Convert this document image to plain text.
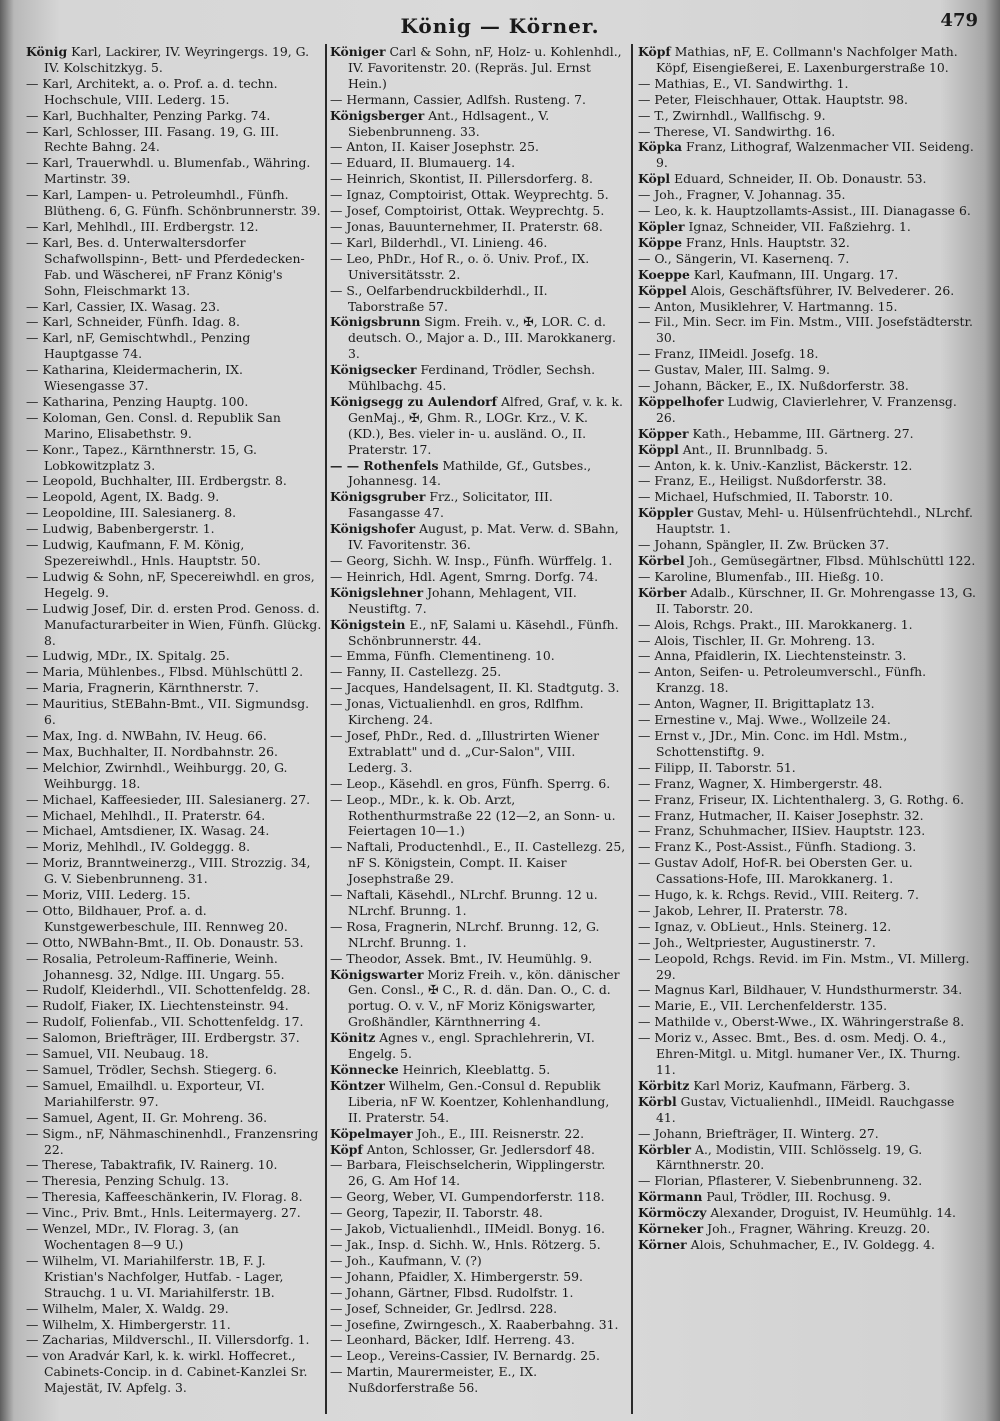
König — Körner.	479

König Karl, Lackirer, IV. Weyringergs. 19, G. IV. Kolschitzkyg. 5.

— Karl, Architekt, a. o. Prof. a. d. techn. Hochschule, VIII. Lederg. 15.

— Karl, Buchhalter, Penzing Parkg. 74.

— Karl, Schlosser, III. Fasang. 19, G. III. Rechte Bahng. 24.

— Karl, Trauerwhdl. u. Blumenfab., Währing. Martinstr. 39.

— Karl, Lampen- u. Petroleumhdl., Fünfh. Blütheng. 6, G. Fünfh. Schönbrunnerstr. 39.

— Karl, Mehlhdl., III. Erdbergstr. 12.

— Karl, Bes. d. Unterwaltersdorfer Schafwollspinn-, Bett- und Pferdedecken-Fab. und Wäscherei, nF Franz König's Sohn, Fleischmarkt 13.

— Karl, Cassier, IX. Wasag. 23.

— Karl, Schneider, Fünfh. Idag. 8.

— Karl, nF, Gemischtwhdl., Penzing Hauptgasse 74.

— Katharina, Kleidermacherin, IX. Wiesengasse 37.

— Katharina, Penzing Hauptg. 100.

— Koloman, Gen. Consl. d. Republik San Marino, Elisabethstr. 9.

— Konr., Tapez., Kärnthnerstr. 15, G. Lobkowitzplatz 3.

— Leopold, Buchhalter, III. Erdbergstr. 8.

— Leopold, Agent, IX. Badg. 9.

— Leopoldine, III. Salesianerg. 8.

— Ludwig, Babenbergerstr. 1.

— Ludwig, Kaufmann, F. M. König, Spezereiwhdl., Hnls. Hauptstr. 50.

— Ludwig & Sohn, nF, Specereiwhdl. en gros, Hegelg. 9.

— Ludwig Josef, Dir. d. ersten Prod. Genoss. d. Manufacturarbeiter in Wien, Fünfh. Glückg. 8.

— Ludwig, MDr., IX. Spitalg. 25.

— Maria, Mühlenbes., Flbsd. Mühlschüttl 2.

— Maria, Fragnerin, Kärnthnerstr. 7.

— Mauritius, StEBahn-Bmt., VII. Sigmundsg. 6.

— Max, Ing. d. NWBahn, IV. Heug. 66.

— Max, Buchhalter, II. Nordbahnstr. 26.

— Melchior, Zwirnhdl., Weihburgg. 20, G. Weihburgg. 18.

— Michael, Kaffeesieder, III. Salesianerg. 27.

— Michael, Mehlhdl., II. Praterstr. 64.

— Michael, Amtsdiener, IX. Wasag. 24.

— Moriz, Mehlhdl., IV. Goldeggg. 8.

— Moriz, Branntweinerzg., VIII. Strozzig. 34, G. V. Siebenbrunneng. 31.

— Moriz, VIII. Lederg. 15.

— Otto, Bildhauer, Prof. a. d. Kunstgewerbeschule, III. Rennweg 20.

— Otto, NWBahn-Bmt., II. Ob. Donaustr. 53.

— Rosalia, Petroleum-Raffinerie, Weinh. Johannesg. 32, Ndlge. III. Ungarg. 55.

— Rudolf, Kleiderhdl., VII. Schottenfeldg. 28.

— Rudolf, Fiaker, IX. Liechtensteinstr. 94.

— Rudolf, Folienfab., VII. Schottenfeldg. 17.

— Salomon, Briefträger, III. Erdbergstr. 37.

— Samuel, VII. Neubaug. 18.

— Samuel, Trödler, Sechsh. Stiegerg. 6.

— Samuel, Emailhdl. u. Exporteur, VI. Mariahilferstr. 97.

— Samuel, Agent, II. Gr. Mohreng. 36.

— Sigm., nF, Nähmaschinenhdl., Franzensring 22.

— Therese, Tabaktrafik, IV. Rainerg. 10.

— Theresia, Penzing Schulg. 13.

— Theresia, Kaffeeschänkerin, IV. Florag. 8.

— Vinc., Priv. Bmt., Hnls. Leitermayerg. 27.

— Wenzel, MDr., IV. Florag. 3, (an Wochentagen 8—9 U.)

— Wilhelm, VI. Mariahilferstr. 1B, F. J. Kristian's Nachfolger, Hutfab. - Lager, Strauchg. 1 u. VI. Mariahilferstr. 1B.

— Wilhelm, Maler, X. Waldg. 29.

— Wilhelm, X. Himbergerstr. 11.

— Zacharias, Mildverschl., II. Villersdorfg. 1.

— von Aradvár Karl, k. k. wirkl. Hoffecret., Cabinets-Concip. in d. Cabinet-Kanzlei Sr. Majestät, IV. Apfelg. 3.

Königer Carl & Sohn, nF, Holz- u. Kohlenhdl., IV. Favoritenstr. 20. (Repräs. Jul. Ernst Hein.)

— Hermann, Cassier, Adlfsh. Rusteng. 7.

Königsberger Ant., Hdlsagent., V. Siebenbrunneng. 33.

— Anton, II. Kaiser Josephstr. 25.

— Eduard, II. Blumauerg. 14.

— Heinrich, Skontist, II. Pillersdorferg. 8.

— Ignaz, Comptoirist, Ottak. Weyprechtg. 5.

— Josef, Comptoirist, Ottak. Weyprechtg. 5.

— Jonas, Bauunternehmer, II. Praterstr. 68.

— Karl, Bilderhdl., VI. Linieng. 46.

— Leo, PhDr., Hof R., o. ö. Univ. Prof., IX. Universitätsstr. 2.

— S., Oelfarbendruckbilderhdl., II. Taborstraße 57.

Königsbrunn Sigm. Freih. v., ✠, LOR. C. d. deutsch. O., Major a. D., III. Marokkanerg. 3.

Königsecker Ferdinand, Trödler, Sechsh. Mühlbachg. 45.

Königsegg zu Aulendorf Alfred, Graf, v. k. k. GenMaj., ✠, Ghm. R., LOGr. Krz., V. K. (KD.), Bes. vieler in- u. ausländ. O., II. Praterstr. 17.

— — Rothenfels Mathilde, Gf., Gutsbes., Johannesg. 14.

Königsgruber Frz., Solicitator, III. Fasangasse 47.

Königshofer August, p. Mat. Verw. d. SBahn, IV. Favoritenstr. 36.

— Georg, Sichh. W. Insp., Fünfh. Würffelg. 1.

— Heinrich, Hdl. Agent, Smrng. Dorfg. 74.

Königslehner Johann, Mehlagent, VII. Neustiftg. 7.

Königstein E., nF, Salami u. Käsehdl., Fünfh. Schönbrunnerstr. 44.

— Emma, Fünfh. Clementineng. 10.

— Fanny, II. Castellezg. 25.

— Jacques, Handelsagent, II. Kl. Stadtgutg. 3.

— Jonas, Victualienhdl. en gros, Rdlfhm. Kircheng. 24.

— Josef, PhDr., Red. d. „Illustrirten Wiener Extrablatt" und d. „Cur-Salon", VIII. Lederg. 3.

— Leop., Käsehdl. en gros, Fünfh. Sperrg. 6.

— Leop., MDr., k. k. Ob. Arzt, Rothenthurmstraße 22 (12—2, an Sonn- u. Feiertagen 10—1.)

— Naftali, Productenhdl., E., II. Castellezg. 25, nF S. Königstein, Compt. II. Kaiser Josephstraße 29.

— Naftali, Käsehdl., NLrchf. Brunng. 12 u. NLrchf. Brunng. 1.

— Rosa, Fragnerin, NLrchf. Brunng. 12, G. NLrchf. Brunng. 1.

— Theodor, Assek. Bmt., IV. Heumühlg. 9.

Königswarter Moriz Freih. v., kön. dänischer Gen. Consl., ✠ C., R. d. dän. Dan. O., C. d. portug. O. v. V., nF Moriz Königswarter, Großhändler, Kärnthnerring 4.

Könitz Agnes v., engl. Sprachlehrerin, VI. Engelg. 5.

Könnecke Heinrich, Kleeblattg. 5.

Köntzer Wilhelm, Gen.-Consul d. Republik Liberia, nF W. Koentzer, Kohlenhandlung, II. Praterstr. 54.

Köpelmayer Joh., E., III. Reisnerstr. 22.

Köpf Anton, Schlosser, Gr. Jedlersdorf 48.

— Barbara, Fleischselcherin, Wipplingerstr. 26, G. Am Hof 14.

— Georg, Weber, VI. Gumpendorferstr. 118.

— Georg, Tapezir, II. Taborstr. 48.

— Jakob, Victualienhdl., IIMeidl. Bonyg. 16.

— Jak., Insp. d. Sichh. W., Hnls. Rötzerg. 5.

— Joh., Kaufmann, V. (?)

— Johann, Pfaidler, X. Himbergerstr. 59.

— Johann, Gärtner, Flbsd. Rudolfstr. 1.

— Josef, Schneider, Gr. Jedlrsd. 228.

— Josefine, Zwirngesch., X. Raaberbahng. 31.

— Leonhard, Bäcker, Idlf. Herreng. 43.

— Leop., Vereins-Cassier, IV. Bernardg. 25.

— Martin, Maurermeister, E., IX. Nußdorferstraße 56.

Köpf Mathias, nF, E. Collmann's Nachfolger Math. Köpf, Eisengießerei, E. Laxenburgerstraße 10.

— Mathias, E., VI. Sandwirthg. 1.

— Peter, Fleischhauer, Ottak. Hauptstr. 98.

— T., Zwirnhdl., Wallfischg. 9.

— Therese, VI. Sandwirthg. 16.

Köpka Franz, Lithograf, Walzenmacher VII. Seideng. 9.

Köpl Eduard, Schneider, II. Ob. Donaustr. 53.

— Joh., Fragner, V. Johannag. 35.

— Leo, k. k. Hauptzollamts-Assist., III. Dianagasse 6.

Köpler Ignaz, Schneider, VII. Faßziehrg. 1.

Köppe Franz, Hnls. Hauptstr. 32.

— O., Sängerin, VI. Kasernenq. 7.

Koeppe Karl, Kaufmann, III. Ungarg. 17.

Köppel Alois, Geschäftsführer, IV. Belvederег. 26.

— Anton, Musiklehrer, V. Hartmanng. 15.

— Fil., Min. Secr. im Fin. Mstm., VIII. Josefstädterstr. 30.

— Franz, IIMeidl. Josefg. 18.

— Gustav, Maler, III. Salmg. 9.

— Johann, Bäcker, E., IX. Nußdorferstr. 38.

Köppelhofer Ludwig, Clavierlehrer, V. Franzensg. 26.

Köpper Kath., Hebamme, III. Gärtnerg. 27.

Köppl Ant., II. Brunnlbadg. 5.

— Anton, k. k. Univ.-Kanzlist, Bäckerstr. 12.

— Franz, E., Heiligst. Nußdorferstr. 38.

— Michael, Hufschmied, II. Taborstr. 10.

Köppler Gustav, Mehl- u. Hülsenfrüchtehdl., NLrchf. Hauptstr. 1.

— Johann, Spängler, II. Zw. Brücken 37.

Körbel Joh., Gemüsegärtner, Flbsd. Mühlschüttl 122.

— Karoline, Blumenfab., III. Hießg. 10.

Körber Adalb., Kürschner, II. Gr. Mohrengasse 13, G. II. Taborstr. 20.

— Alois, Rchgs. Prakt., III. Marokkanerg. 1.

— Alois, Tischler, II. Gr. Mohreng. 13.

— Anna, Pfaidlerin, IX. Liechtensteinstr. 3.

— Anton, Seifen- u. Petroleumverschl., Fünfh. Kranzg. 18.

— Anton, Wagner, II. Brigittaplatz 13.

— Ernestine v., Maj. Wwe., Wollzeile 24.

— Ernst v., JDr., Min. Conc. im Hdl. Mstm., Schottenstiftg. 9.

— Filipp, II. Taborstr. 51.

— Franz, Wagner, X. Himbergerstr. 48.

— Franz, Friseur, IX. Lichtenthalerg. 3, G. Rothg. 6.

— Franz, Hutmacher, II. Kaiser Josephstr. 32.

— Franz, Schuhmacher, IISiev. Hauptstr. 123.

— Franz K., Post-Assist., Fünfh. Stadiong. 3.

— Gustav Adolf, Hof-R. bei Obersten Ger. u. Cassations-Hofe, III. Marokkanerg. 1.

— Hugo, k. k. Rchgs. Revid., VIII. Reiterg. 7.

— Jakob, Lehrer, II. Praterstr. 78.

— Ignaz, v. ObLieut., Hnls. Steinerg. 12.

— Joh., Weltpriester, Augustinerstr. 7.

— Leopold, Rchgs. Revid. im Fin. Mstm., VI. Millerg. 29.

— Magnus Karl, Bildhauer, V. Hundsthurmerstr. 34.

— Marie, E., VII. Lerchenfelderstr. 135.

— Mathilde v., Oberst-Wwe., IX. Währingerstraße 8.

— Moriz v., Assec. Bmt., Bes. d. osm. Medj. O. 4., Ehren-Mitgl. u. Mitgl. humaner Ver., IX. Thurng. 11.

Körbitz Karl Moriz, Kaufmann, Färberg. 3.

Körbl Gustav, Victualienhdl., IIMeidl. Rauchgasse 41.

— Johann, Briefträger, II. Winterg. 27.

Körbler A., Modistin, VIII. Schlösselg. 19, G. Kärnthnerstr. 20.

— Florian, Pflasterer, V. Siebenbrunneng. 32.

Körmann Paul, Trödler, III. Rochusg. 9.

Körmöczy Alexander, Droguist, IV. Heumühlg. 14.

Körneker Joh., Fragner, Währing. Kreuzg. 20.

Körner Alois, Schuhmacher, E., IV. Goldegg. 4.
